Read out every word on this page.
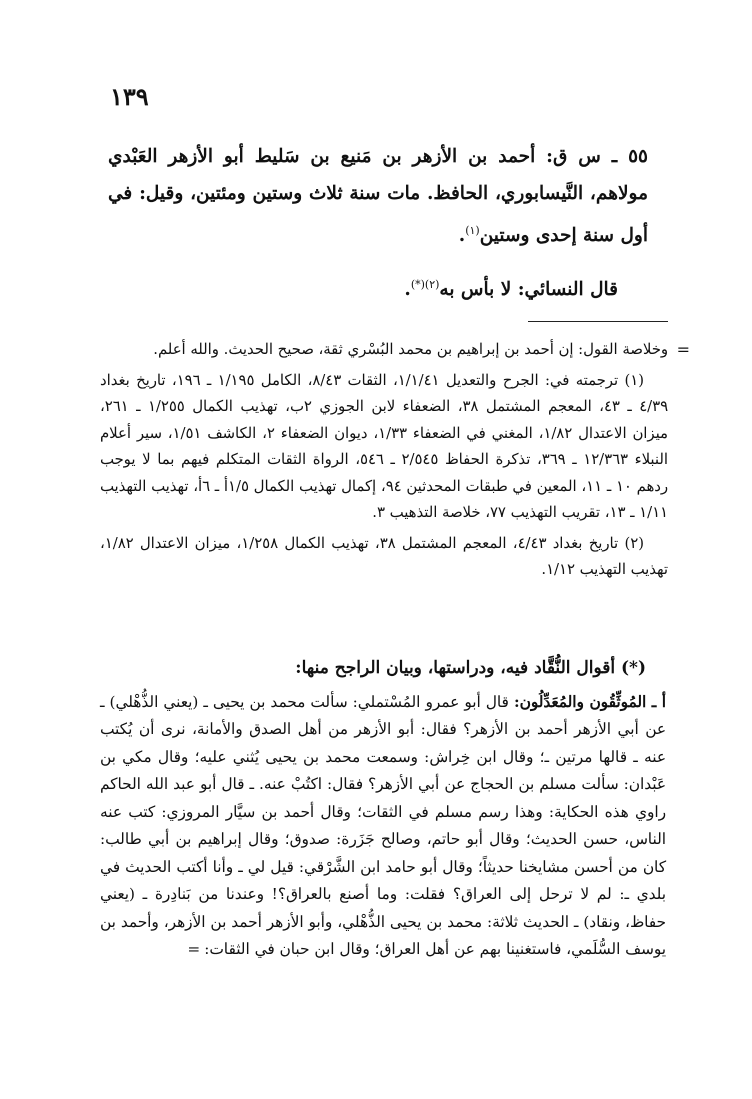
١٣٩

٥٥ ـ س ق: أحمد بن الأزهر بن مَنيع بن سَليط أبو الأزهر العَبْدي مولاهم، النَّيسابوري، الحافظ. مات سنة ثلاث وستين ومئتين، وقيل: في أول سنة إحدى وستين$^{(١)}$.

قال النسائي: لا بأس به$^{(٢)(*)}$.

=
وخلاصة القول: إن أحمد بن إبراهيم بن محمد البُسْري ثقة، صحيح الحديث. والله أعلم.

(١) ترجمته في: الجرح والتعديل ١/١/٤١، الثقات ٨/٤٣، الكامل ١/١٩٥ ـ ١٩٦، تاريخ بغداد ٤/٣٩ ـ ٤٣، المعجم المشتمل ٣٨، الضعفاء لابن الجوزي ٢ب، تهذيب الكمال ١/٢٥٥ ـ ٢٦١، ميزان الاعتدال ١/٨٢، المغني في الضعفاء ١/٣٣، ديوان الضعفاء ٢، الكاشف ١/٥١، سير أعلام النبلاء ١٢/٣٦٣ ـ ٣٦٩، تذكرة الحفاظ ٢/٥٤٥ ـ ٥٤٦، الرواة الثقات المتكلم فيهم بما لا يوجب ردهم ١٠ ـ ١١، المعين في طبقات المحدثين ٩٤، إكمال تهذيب الكمال ١/٥أ ـ ٦أ، تهذيب التهذيب ١/١١ ـ ١٣، تقريب التهذيب ٧٧، خلاصة التذهيب ٣.

(٢) تاريخ بغداد ٤/٤٣، المعجم المشتمل ٣٨، تهذيب الكمال ١/٢٥٨، ميزان الاعتدال ١/٨٢، تهذيب التهذيب ١/١٢.

(*) أقوال النُّقَّاد فيه، ودراستها، وبيان الراجح منها:

أ ـ المُوثِّقُون والمُعَدِّلُون: قال أبو عمرو المُسْتملي: سألت محمد بن يحيى ـ (يعني الذُّهْلي) ـ عن أبي الأزهر أحمد بن الأزهر؟ فقال: أبو الأزهر من أهل الصدق والأمانة، نرى أن يُكتب عنه ـ قالها مرتين ـ؛ وقال ابن خِراش: وسمعت محمد بن يحيى يُثني عليه؛ وقال مكي بن عَبْدان: سألت مسلم بن الحجاج عن أبي الأزهر؟ فقال: اكتُبْ عنه. ـ قال أبو عبد الله الحاكم راوي هذه الحكاية: وهذا رسم مسلم في الثقات؛ وقال أحمد بن سيَّار المروزي: كتب عنه الناس، حسن الحديث؛ وقال أبو حاتم، وصالح جَزَرة: صدوق؛ وقال إبراهيم بن أبي طالب: كان من أحسن مشايخنا حديثاً؛ وقال أبو حامد ابن الشَّرْقي: قيل لي ـ وأنا أكتب الحديث في بلدي ـ: لم لا ترحل إلى العراق؟ فقلت: وما أصنع بالعراق؟! وعندنا من بَنادِرة ـ (يعني حفاظ، ونقاد) ـ الحديث ثلاثة: محمد بن يحيى الذُّهْلي، وأبو الأزهر أحمد بن الأزهر، وأحمد بن يوسف السُّلَمي، فاستغنينا بهم عن أهل العراق؛ وقال ابن حبان في الثقات:=
